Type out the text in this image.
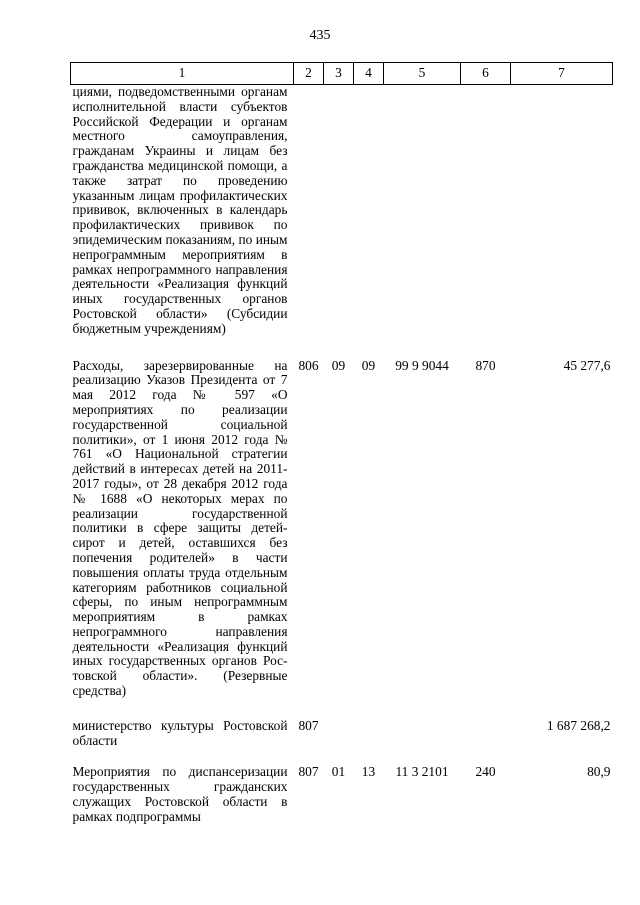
435
1	2	3	4	5	6	7
циями, подведомственными органам исполнительной власти субъектов Российской Федерации и органам местного самоуправления, гражданам Украины и лицам без гражданства медицинской помощи, а также затрат по проведению указанным лицам профилактических прививок, включенных в календарь профилактических прививок по эпидемическим показаниям, по иным непрограммным мероприятиям в рамках непрограммного направления деятельности «Реализация функций иных государственных органов Ростовской области» (Субсидии бюджетным учреждениям)						
Расходы, зарезервированные на реализацию Указов Президента от 7 мая 2012 года № 597 «О мероприятиях по реализации государственной социальной политики», от 1 июня 2012 года № 761 «О Национальной стратегии действий в интересах детей на 2011-2017 годы», от 28 декабря 2012 года № 1688 «О некоторых мерах по реализации государственной политики в сфере защиты детей-сирот и детей, оставшихся без попечения родителей» в части повышения оплаты труда отдельным категориям работников социальной сферы, по иным непрограммным мероприятиям в рамках непрограммного направления деятельности «Реализация функций иных государственных органов Рос-товской области». (Резервные средства)	806	09	09	99 9 9044	870	45 277,6
министерство культуры Ростовской области	807					1 687 268,2
Мероприятия по диспансеризации государственных гражданских служащих Ростовской области в рамках подпрограммы	807	01	13	11 3 2101	240	80,9
